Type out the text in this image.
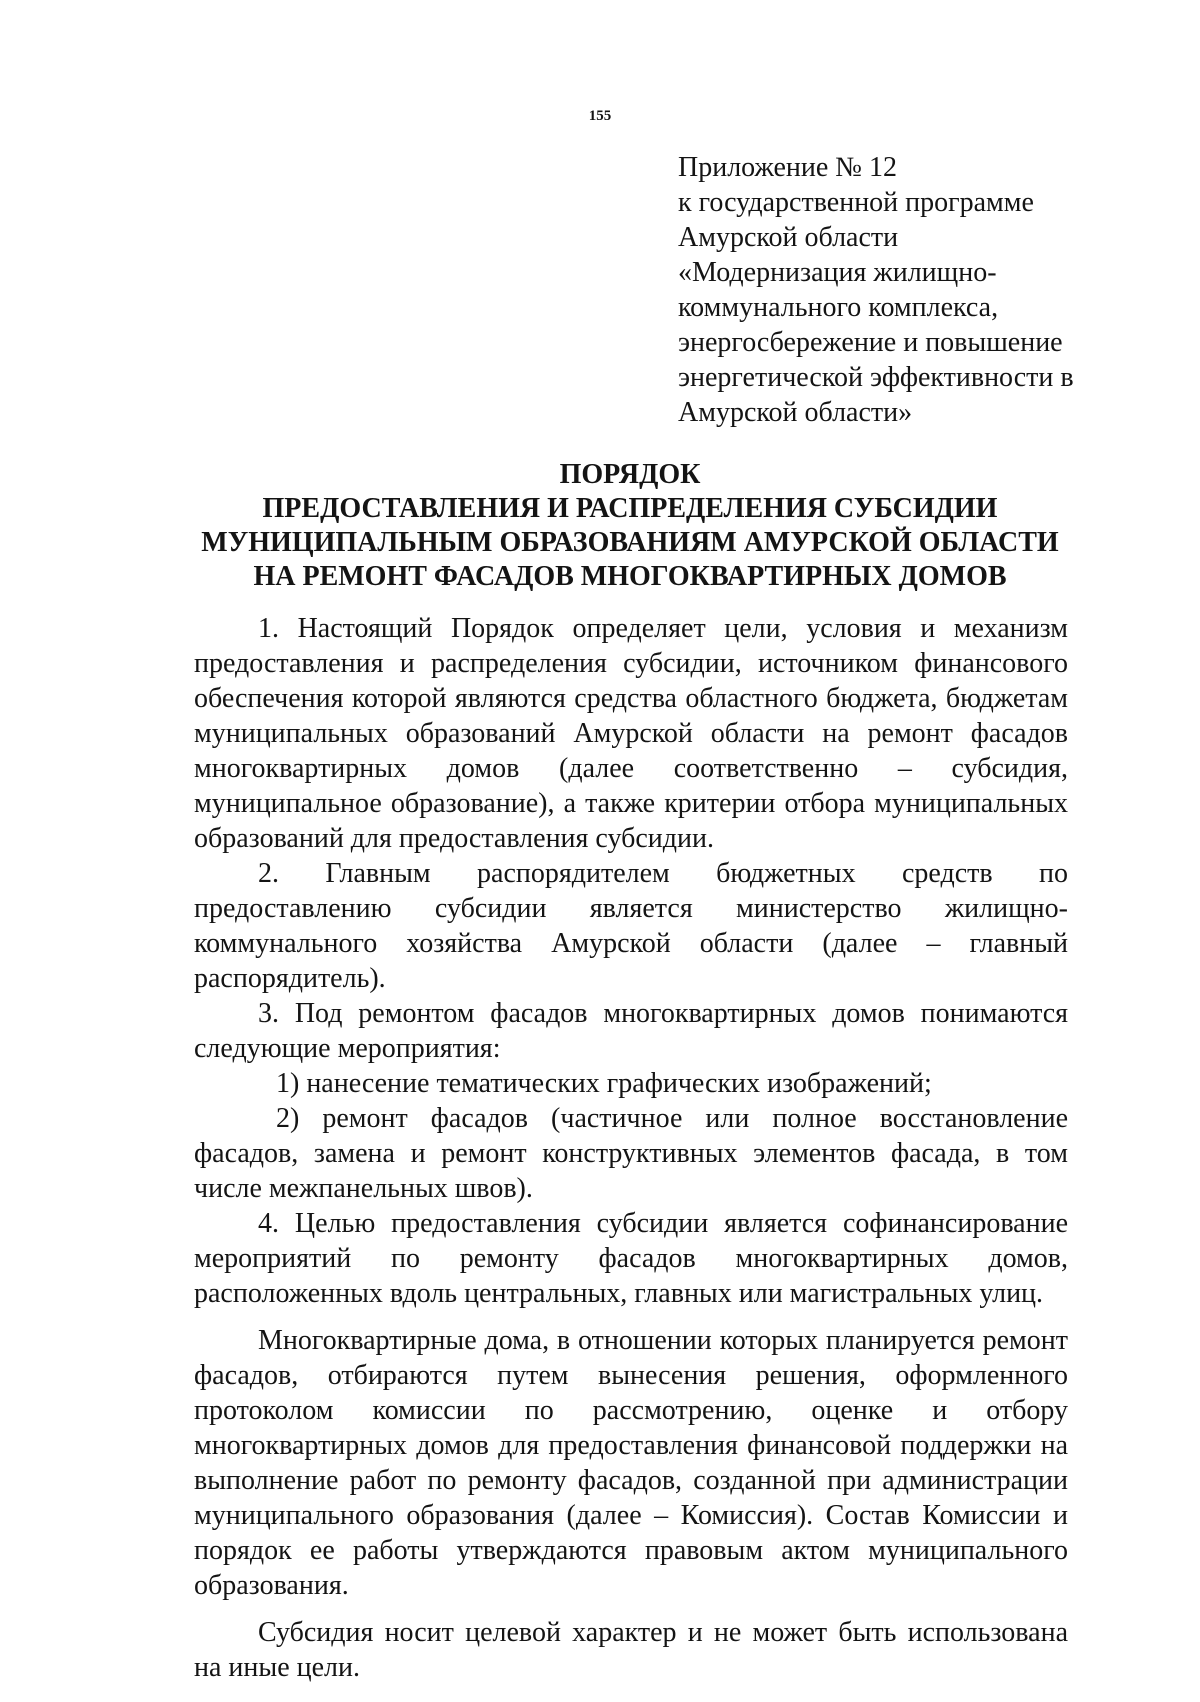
155
Приложение № 12
к государственной программе
Амурской области
«Модернизация жилищно-
коммунального комплекса,
энергосбережение и повышение
энергетической эффективности в
Амурской области»
ПОРЯДОК
ПРЕДОСТАВЛЕНИЯ И РАСПРЕДЕЛЕНИЯ СУБСИДИИ
МУНИЦИПАЛЬНЫМ ОБРАЗОВАНИЯМ АМУРСКОЙ ОБЛАСТИ
НА РЕМОНТ ФАСАДОВ МНОГОКВАРТИРНЫХ ДОМОВ

1. Настоящий Порядок определяет цели, условия и механизм предоставления и распределения субсидии, источником финансового обеспечения которой являются средства областного бюджета, бюджетам муниципальных образований Амурской области на ремонт фасадов многоквартирных домов (далее соответственно – субсидия, муниципальное образование), а также критерии отбора муниципальных образований для предоставления субсидии.

2. Главным распорядителем бюджетных средств по предоставлению субсидии является министерство жилищно-коммунального хозяйства Амурской области (далее – главный распорядитель).

3. Под ремонтом фасадов многоквартирных домов понимаются следующие мероприятия:

1) нанесение тематических графических изображений;

2) ремонт фасадов (частичное или полное восстановление фасадов, замена и ремонт конструктивных элементов фасада, в том числе межпанельных швов).

4. Целью предоставления субсидии является софинансирование мероприятий по ремонту фасадов многоквартирных домов, расположенных вдоль центральных, главных или магистральных улиц.

Многоквартирные дома, в отношении которых планируется ремонт фасадов, отбираются путем вынесения решения, оформленного протоколом комиссии по рассмотрению, оценке и отбору многоквартирных домов для предоставления финансовой поддержки на выполнение работ по ремонту фасадов, созданной при администрации муниципального образования (далее – Комиссия). Состав Комиссии и порядок ее работы утверждаются правовым актом муниципального образования.

Субсидия носит целевой характер и не может быть использована на иные цели.
